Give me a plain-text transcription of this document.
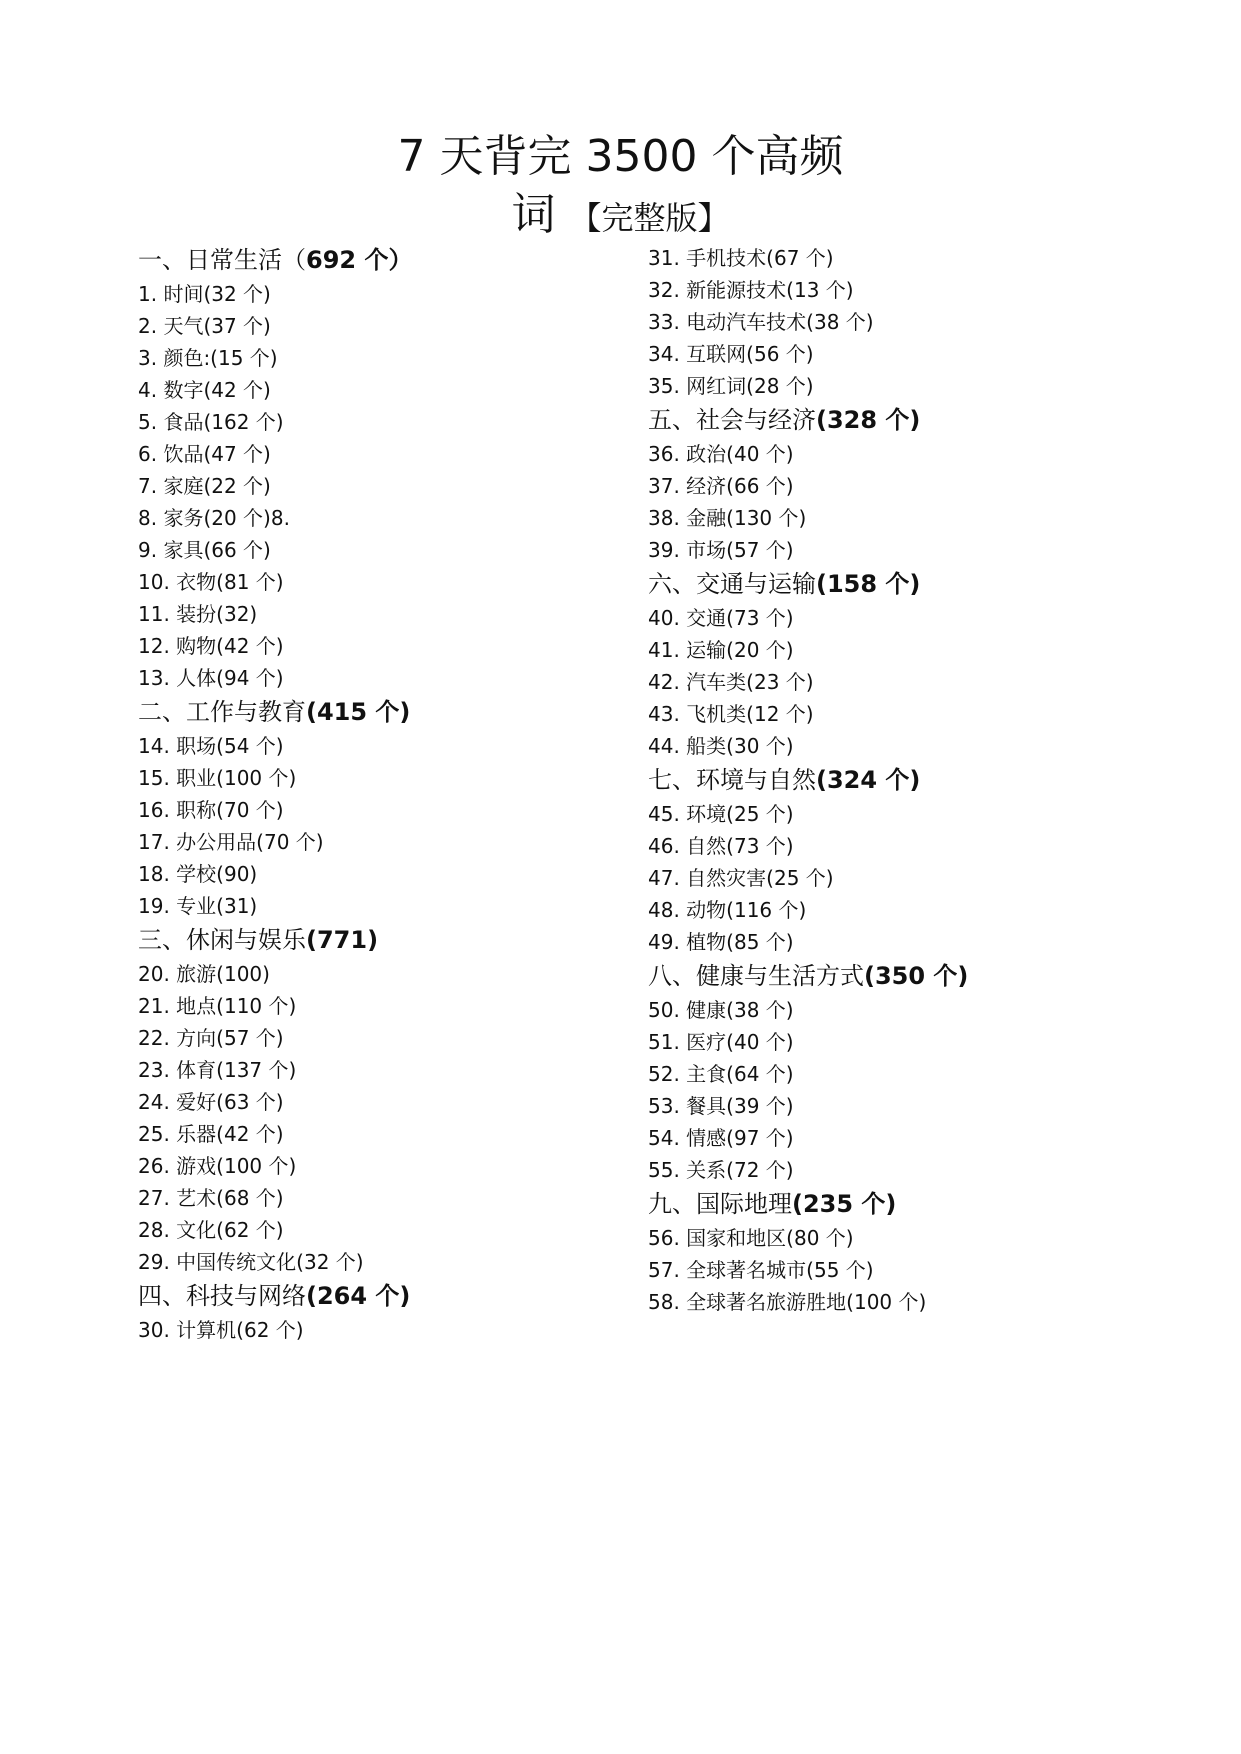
7 天背完 3500 个高频
词 【完整版】
一、日常生活（692 个）
1. 时间(32 个)
2. 天气(37 个)
3. 颜色:(15 个)
4. 数字(42 个)
5. 食品(162 个)
6. 饮品(47 个)
7. 家庭(22 个)
8. 家务(20 个)8.
9. 家具(66 个)
10. 衣物(81 个)
11. 装扮(32)
12. 购物(42 个)
13. 人体(94 个)
二、工作与教育(415 个)
14. 职场(54 个)
15. 职业(100 个)
16. 职称(70 个)
17. 办公用品(70 个)
18. 学校(90)
19. 专业(31)
三、休闲与娱乐(771)
20. 旅游(100)
21. 地点(110 个)
22. 方向(57 个)
23. 体育(137 个)
24. 爱好(63 个)
25. 乐器(42 个)
26. 游戏(100 个)
27. 艺术(68 个)
28. 文化(62 个)
29. 中国传统文化(32 个)
四、科技与网络(264 个)
30. 计算机(62 个)
31. 手机技术(67 个)
32. 新能源技术(13 个)
33. 电动汽车技术(38 个)
34. 互联网(56 个)
35. 网红词(28 个)
五、社会与经济(328 个)
36. 政治(40 个)
37. 经济(66 个)
38. 金融(130 个)
39. 市场(57 个)
六、交通与运输(158 个)
40. 交通(73 个)
41. 运输(20 个)
42. 汽车类(23 个)
43. 飞机类(12 个)
44. 船类(30 个)
七、环境与自然(324 个)
45. 环境(25 个)
46. 自然(73 个)
47. 自然灾害(25 个)
48. 动物(116 个)
49. 植物(85 个)
八、健康与生活方式(350 个)
50. 健康(38 个)
51. 医疗(40 个)
52. 主食(64 个)
53. 餐具(39 个)
54. 情感(97 个)
55. 关系(72 个)
九、国际地理(235 个)
56. 国家和地区(80 个)
57. 全球著名城市(55 个)
58. 全球著名旅游胜地(100 个)
